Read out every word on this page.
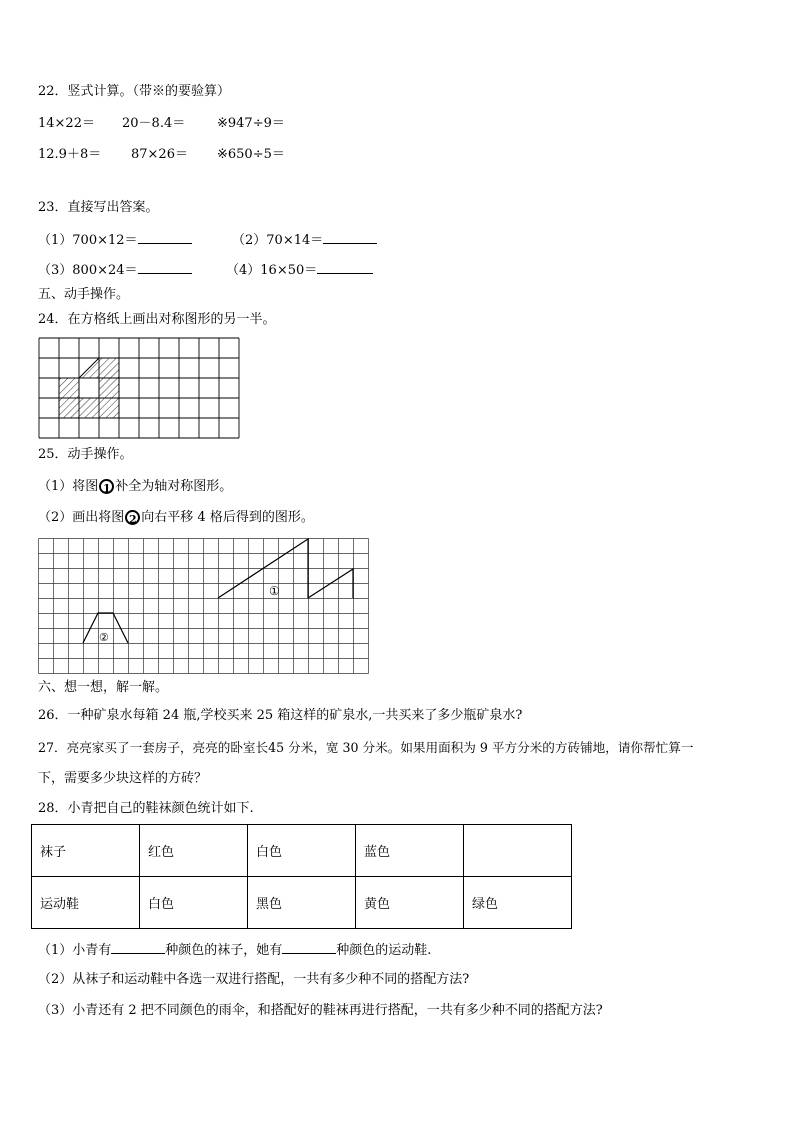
22．竖式计算。（带※的要验算）
14×22＝ 20－8.4＝ ※947÷9＝
12.9＋8＝ 87×26＝ ※650÷5＝
23．直接写出答案。
（1）700×12＝	（2）70×14＝
（3）800×24＝	（4）16×50＝
五、动手操作。
24．在方格纸上画出对称图形的另一半。
25．动手操作。
（1）将图 1 补全为轴对称图形。
（2）画出将图 2 向右平移 4 格后得到的图形。
①
②
六、想一想，解一解。
26．一种矿泉水每箱 24 瓶,学校买来 25 箱这样的矿泉水,一共买来了多少瓶矿泉水?
27．亮亮家买了一套房子，亮亮的卧室长45 分米，宽 30 分米。如果用面积为 9 平方分米的方砖铺地，请你帮忙算一
下，需要多少块这样的方砖？
28．小青把自己的鞋袜颜色统计如下.
袜子	红色	白色	蓝色	
运动鞋	白色	黑色	黄色	绿色
（1）小青有	种颜色的袜子，她有	种颜色的运动鞋.
（2）从袜子和运动鞋中各选一双进行搭配，一共有多少种不同的搭配方法?
（3）小青还有 2 把不同颜色的雨伞，和搭配好的鞋袜再进行搭配，一共有多少种不同的搭配方法?
